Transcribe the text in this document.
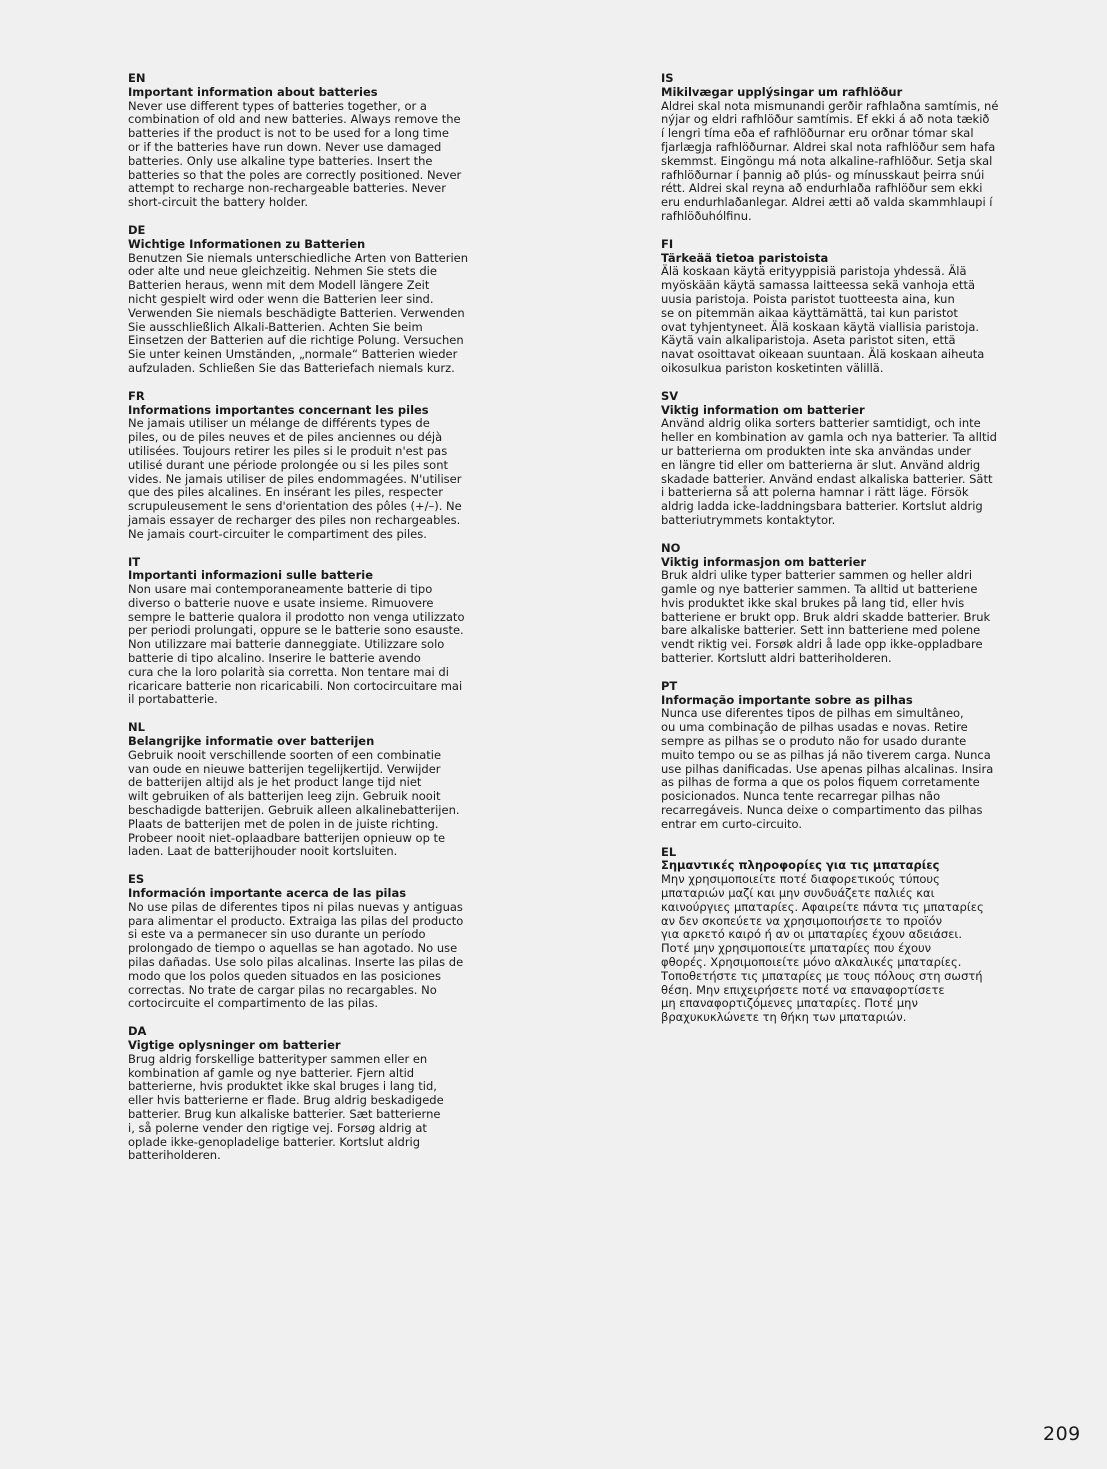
EN
Important information about batteries
Never use different types of batteries together, or a
combination of old and new batteries. Always remove the
batteries if the product is not to be used for a long time
or if the batteries have run down. Never use damaged
batteries. Only use alkaline type batteries. Insert the
batteries so that the poles are correctly positioned. Never
attempt to recharge non-rechargeable batteries. Never
short-circuit the battery holder.
DE
Wichtige Informationen zu Batterien
Benutzen Sie niemals unterschiedliche Arten von Batterien
oder alte und neue gleichzeitig. Nehmen Sie stets die
Batterien heraus, wenn mit dem Modell längere Zeit
nicht gespielt wird oder wenn die Batterien leer sind.
Verwenden Sie niemals beschädigte Batterien. Verwenden
Sie ausschließlich Alkali-Batterien. Achten Sie beim
Einsetzen der Batterien auf die richtige Polung. Versuchen
Sie unter keinen Umständen, „normale“ Batterien wieder
aufzuladen. Schließen Sie das Batteriefach niemals kurz.
FR
Informations importantes concernant les piles
Ne jamais utiliser un mélange de différents types de
piles, ou de piles neuves et de piles anciennes ou déjà
utilisées. Toujours retirer les piles si le produit n'est pas
utilisé durant une période prolongée ou si les piles sont
vides. Ne jamais utiliser de piles endommagées. N'utiliser
que des piles alcalines. En insérant les piles, respecter
scrupuleusement le sens d'orientation des pôles (+/–). Ne
jamais essayer de recharger des piles non rechargeables.
Ne jamais court-circuiter le compartiment des piles.
IT
Importanti informazioni sulle batterie
Non usare mai contemporaneamente batterie di tipo
diverso o batterie nuove e usate insieme. Rimuovere
sempre le batterie qualora il prodotto non venga utilizzato
per periodi prolungati, oppure se le batterie sono esauste.
Non utilizzare mai batterie danneggiate. Utilizzare solo
batterie di tipo alcalino. Inserire le batterie avendo
cura che la loro polarità sia corretta. Non tentare mai di
ricaricare batterie non ricaricabili. Non cortocircuitare mai
il portabatterie.
NL
Belangrijke informatie over batterijen
Gebruik nooit verschillende soorten of een combinatie
van oude en nieuwe batterijen tegelijkertijd. Verwijder
de batterijen altijd als je het product lange tijd niet
wilt gebruiken of als batterijen leeg zijn. Gebruik nooit
beschadigde batterijen. Gebruik alleen alkalinebatterijen.
Plaats de batterijen met de polen in de juiste richting.
Probeer nooit niet-oplaadbare batterijen opnieuw op te
laden. Laat de batterijhouder nooit kortsluiten.
ES
Información importante acerca de las pilas
No use pilas de diferentes tipos ni pilas nuevas y antiguas
para alimentar el producto. Extraiga las pilas del producto
si este va a permanecer sin uso durante un período
prolongado de tiempo o aquellas se han agotado. No use
pilas dañadas. Use solo pilas alcalinas. Inserte las pilas de
modo que los polos queden situados en las posiciones
correctas. No trate de cargar pilas no recargables. No
cortocircuite el compartimento de las pilas.
DA
Vigtige oplysninger om batterier
Brug aldrig forskellige batterityper sammen eller en
kombination af gamle og nye batterier. Fjern altid
batterierne, hvis produktet ikke skal bruges i lang tid,
eller hvis batterierne er flade. Brug aldrig beskadigede
batterier. Brug kun alkaliske batterier. Sæt batterierne
i, så polerne vender den rigtige vej. Forsøg aldrig at
oplade ikke-genopladelige batterier. Kortslut aldrig
batteriholderen.
IS
Mikilvægar upplýsingar um rafhlöður
Aldrei skal nota mismunandi gerðir rafhlaðna samtímis, né
nýjar og eldri rafhlöður samtímis. Ef ekki á að nota tækið
í lengri tíma eða ef rafhlöðurnar eru orðnar tómar skal
fjarlægja rafhlöðurnar. Aldrei skal nota rafhlöður sem hafa
skemmst. Eingöngu má nota alkaline-rafhlöður. Setja skal
rafhlöðurnar í þannig að plús- og mínusskaut þeirra snúi
rétt. Aldrei skal reyna að endurhlaða rafhlöður sem ekki
eru endurhlaðanlegar. Aldrei ætti að valda skammhlaupi í
rafhlöðuhólfinu.
FI
Tärkeää tietoa paristoista
Älä koskaan käytä erityyppisiä paristoja yhdessä. Älä
myöskään käytä samassa laitteessa sekä vanhoja että
uusia paristoja. Poista paristot tuotteesta aina, kun
se on pitemmän aikaa käyttämättä, tai kun paristot
ovat tyhjentyneet. Älä koskaan käytä viallisia paristoja.
Käytä vain alkaliparistoja. Aseta paristot siten, että
navat osoittavat oikeaan suuntaan. Älä koskaan aiheuta
oikosulkua pariston kosketinten välillä.
SV
Viktig information om batterier
Använd aldrig olika sorters batterier samtidigt, och inte
heller en kombination av gamla och nya batterier. Ta alltid
ur batterierna om produkten inte ska användas under
en längre tid eller om batterierna är slut. Använd aldrig
skadade batterier. Använd endast alkaliska batterier. Sätt
i batterierna så att polerna hamnar i rätt läge. Försök
aldrig ladda icke-laddningsbara batterier. Kortslut aldrig
batteriutrymmets kontaktytor.
NO
Viktig informasjon om batterier
Bruk aldri ulike typer batterier sammen og heller aldri
gamle og nye batterier sammen. Ta alltid ut batteriene
hvis produktet ikke skal brukes på lang tid, eller hvis
batteriene er brukt opp. Bruk aldri skadde batterier. Bruk
bare alkaliske batterier. Sett inn batteriene med polene
vendt riktig vei. Forsøk aldri å lade opp ikke-oppladbare
batterier. Kortslutt aldri batteriholderen.
PT
Informação importante sobre as pilhas
Nunca use diferentes tipos de pilhas em simultâneo,
ou uma combinação de pilhas usadas e novas. Retire
sempre as pilhas se o produto não for usado durante
muito tempo ou se as pilhas já não tiverem carga. Nunca
use pilhas danificadas. Use apenas pilhas alcalinas. Insira
as pilhas de forma a que os polos fiquem corretamente
posicionados. Nunca tente recarregar pilhas não
recarregáveis. Nunca deixe o compartimento das pilhas
entrar em curto-circuito.
EL
Σημαντικές πληροφορίες για τις μπαταρίες
Μην χρησιμοποιείτε ποτέ διαφορετικούς τύπους
μπαταριών μαζί και μην συνδυάζετε παλιές και
καινούργιες μπαταρίες. Αφαιρείτε πάντα τις μπαταρίες
αν δεν σκοπεύετε να χρησιμοποιήσετε το προϊόν
για αρκετό καιρό ή αν οι μπαταρίες έχουν αδειάσει.
Ποτέ μην χρησιμοποιείτε μπαταρίες που έχουν
φθορές. Χρησιμοποιείτε μόνο αλκαλικές μπαταρίες.
Τοποθετήστε τις μπαταρίες με τους πόλους στη σωστή
θέση. Μην επιχειρήσετε ποτέ να επαναφορτίσετε
μη επαναφορτιζόμενες μπαταρίες. Ποτέ μην
βραχυκυκλώνετε τη θήκη των μπαταριών.
209
